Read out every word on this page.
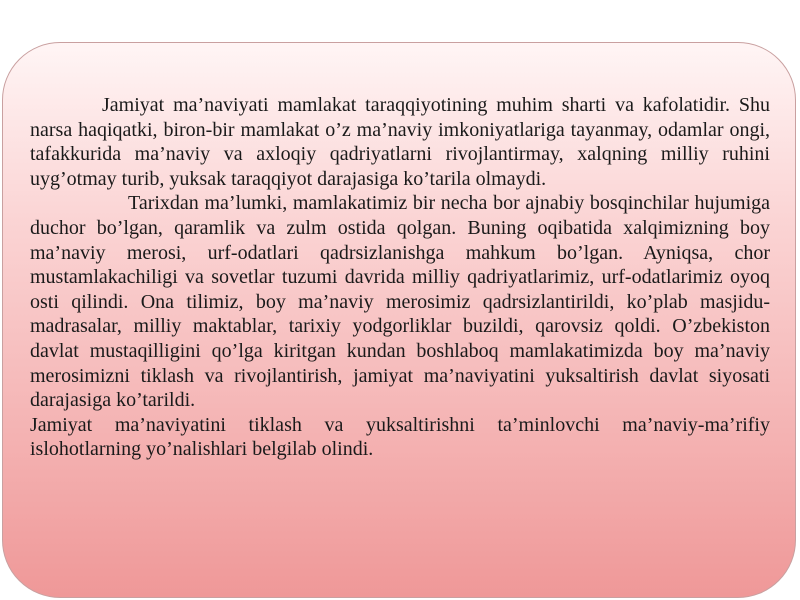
Jamiyat ma’naviyati mamlakat taraqqiyotining muhim sharti va kafolatidir. Shu narsa haqiqatki, biron-bir mamlakat o’z ma’naviy imkoniyatlariga tayanmay, odamlar ongi, tafakkurida ma’naviy va axloqiy qadriyatlarni rivojlantirmay, xalqning milliy ruhini uyg’otmay turib, yuksak taraqqiyot darajasiga ko’tarila olmaydi.

Tarixdan ma’lumki, mamlakatimiz bir necha bor ajnabiy bosqinchilar hujumiga duchor bo’lgan, qaramlik va zulm ostida qolgan. Buning oqibatida xalqimizning boy ma’naviy merosi, urf-odatlari qadrsizlanishga mahkum bo’lgan. Ayniqsa, chor mustamlakachiligi va sovetlar tuzumi davrida milliy qadriyatlarimiz, urf-odatlarimiz oyoq osti qilindi. Ona tilimiz, boy ma’naviy merosimiz qadrsizlantirildi, ko’plab masjidu-madrasalar, milliy maktablar, tarixiy yodgorliklar buzildi, qarovsiz qoldi. O’zbekiston davlat mustaqilligini qo’lga kiritgan kundan boshlaboq mamlakatimizda boy ma’naviy merosimizni tiklash va rivojlantirish, jamiyat ma’naviyatini yuksaltirish davlat siyosati darajasiga ko’tarildi.

Jamiyat ma’naviyatini tiklash va yuksaltirishni ta’minlovchi ma’naviy-ma’rifiy islohotlarning yo’nalishlari belgilab olindi.
